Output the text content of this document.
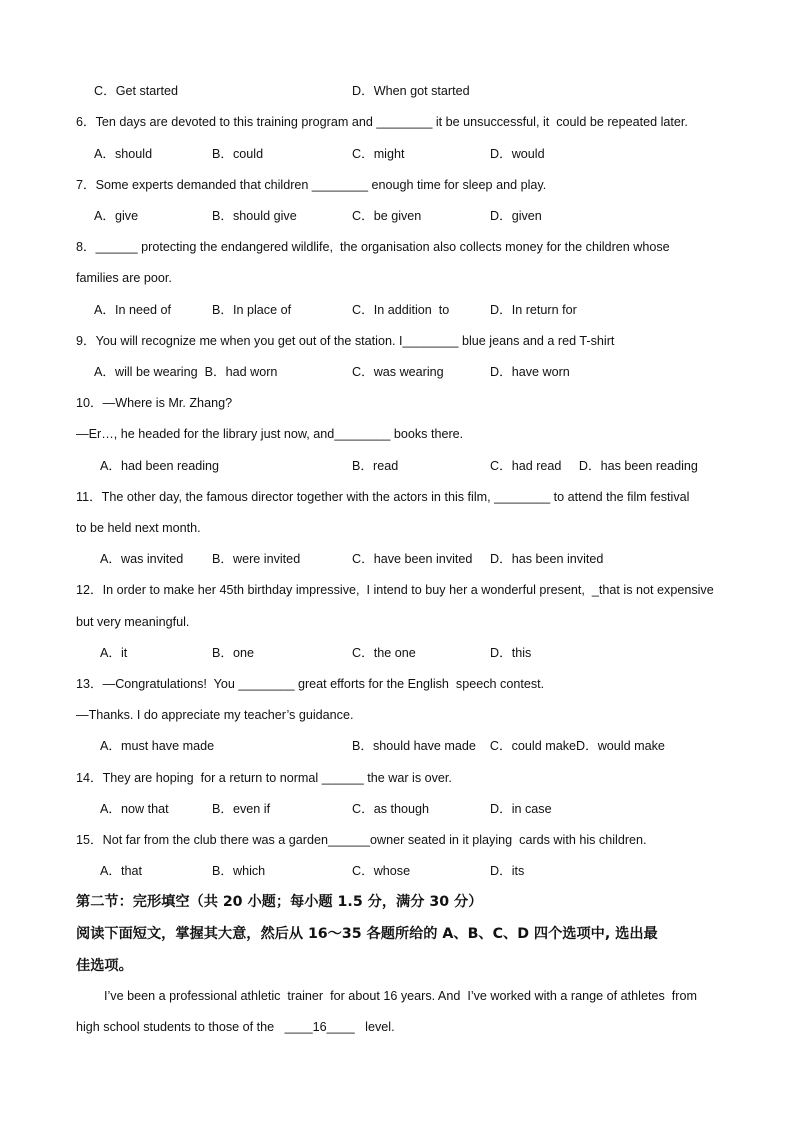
C．Get started	D．When got started
6．Ten days are devoted to this training program and ________ it be unsuccessful, it  could be repeated later.
A．should	B．could	C．might	D．would
7．Some experts demanded that children ________ enough time for sleep and play.
A．give	B．should give	C．be given	D．given
8．______ protecting the endangered wildlife,  the organisation also collects money for the children whose
families are poor.
A．In need of	B．In place of	C．In addition  to	D．In return for
9．You will recognize me when you get out of the station. I________ blue jeans and a red T-shirt
A．will be wearing  B．had worn	C．was wearing	D．have worn
10．—Where is Mr. Zhang?
—Er…, he headed for the library just now, and________ books there.
A．had been reading	B．read	C．had read     D．has been reading
11．The other day, the famous director together with the actors in this film, ________ to attend the film festival
to be held next month.
A．was invited B．were invited	C．have been invited D．has been invited
12．In order to make her 45th birthday impressive,  I intend to buy her a wonderful present,  _that is not expensive
but very meaningful.
A．it	B．one	C．the one	D．this
13．—Congratulations!  You ________ great efforts for the English  speech contest.
—Thanks. I do appreciate my teacher’s guidance.
A．must have made	B．should have made    C．could makeD．would make
14．They are hoping  for a return to normal ______ the war is over.
A．now that	B．even if	C．as though	D．in case
15．Not far from the club there was a garden______owner seated in it playing  cards with his children.
A．that	B．which	C．whose	D．its
第二节：完形填空（共 20 小题；每小题 1.5 分，满分 30 分）
阅读下面短文，掌握其大意，然后从 16～35 各题所给的 A、B、C、D 四个选项中, 选出最
佳选项。
I’ve been a professional athletic  trainer  for about 16 years. And  I’ve worked with a range of athletes  from
high school students to those of the   ____16____   level.
